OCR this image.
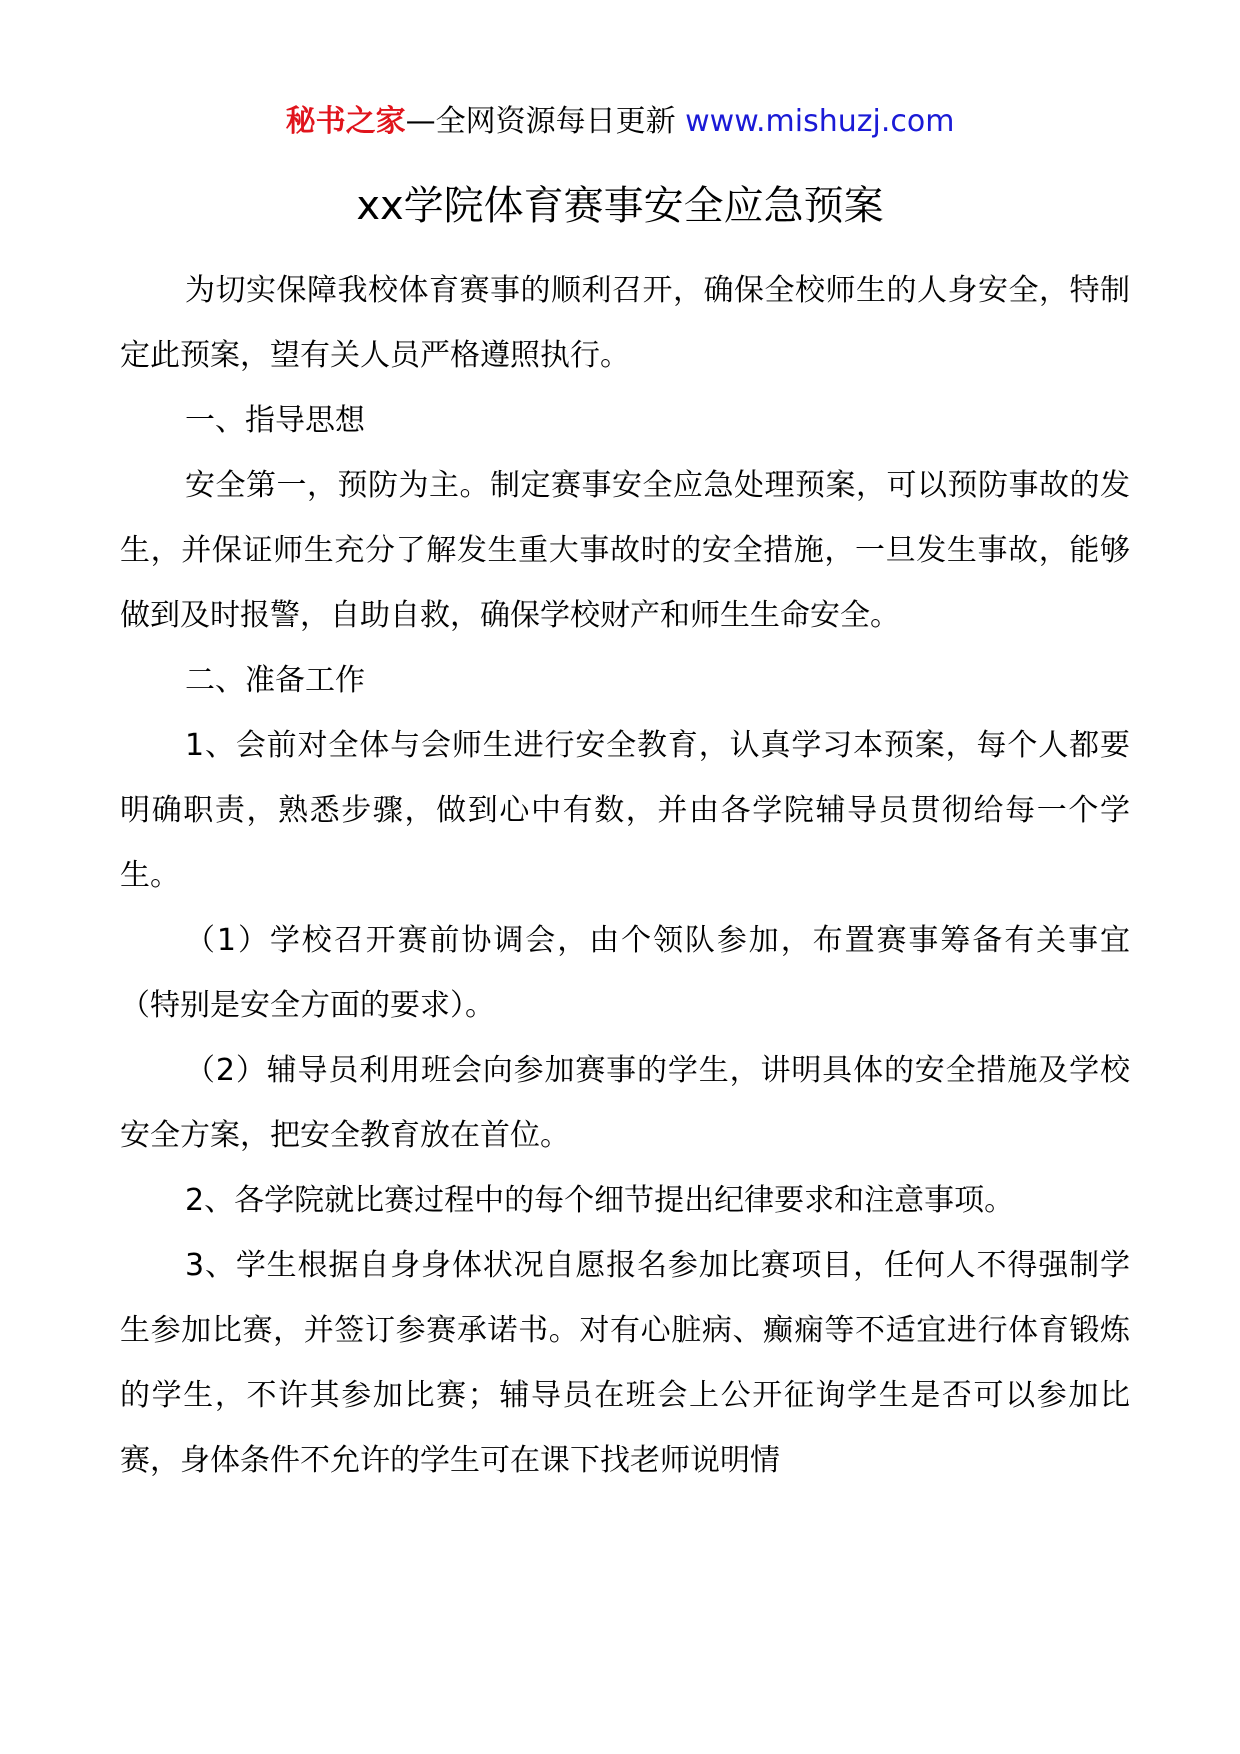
秘书之家—全网资源每日更新 www.mishuzj.com
xx学院体育赛事安全应急预案

为切实保障我校体育赛事的顺利召开，确保全校师生的人身安全，特制定此预案，望有关人员严格遵照执行。

一、指导思想

安全第一，预防为主。制定赛事安全应急处理预案，可以预防事故的发生，并保证师生充分了解发生重大事故时的安全措施，一旦发生事故，能够做到及时报警，自助自救，确保学校财产和师生生命安全。

二、准备工作

1、会前对全体与会师生进行安全教育，认真学习本预案，每个人都要明确职责，熟悉步骤，做到心中有数，并由各学院辅导员贯彻给每一个学生。

（1）学校召开赛前协调会，由个领队参加，布置赛事筹备有关事宜（特别是安全方面的要求）。

（2）辅导员利用班会向参加赛事的学生，讲明具体的安全措施及学校安全方案，把安全教育放在首位。

2、各学院就比赛过程中的每个细节提出纪律要求和注意事项。

3、学生根据自身身体状况自愿报名参加比赛项目，任何人不得强制学生参加比赛，并签订参赛承诺书。对有心脏病、癫痫等不适宜进行体育锻炼的学生，不许其参加比赛；辅导员在班会上公开征询学生是否可以参加比赛，身体条件不允许的学生可在课下找老师说明情
